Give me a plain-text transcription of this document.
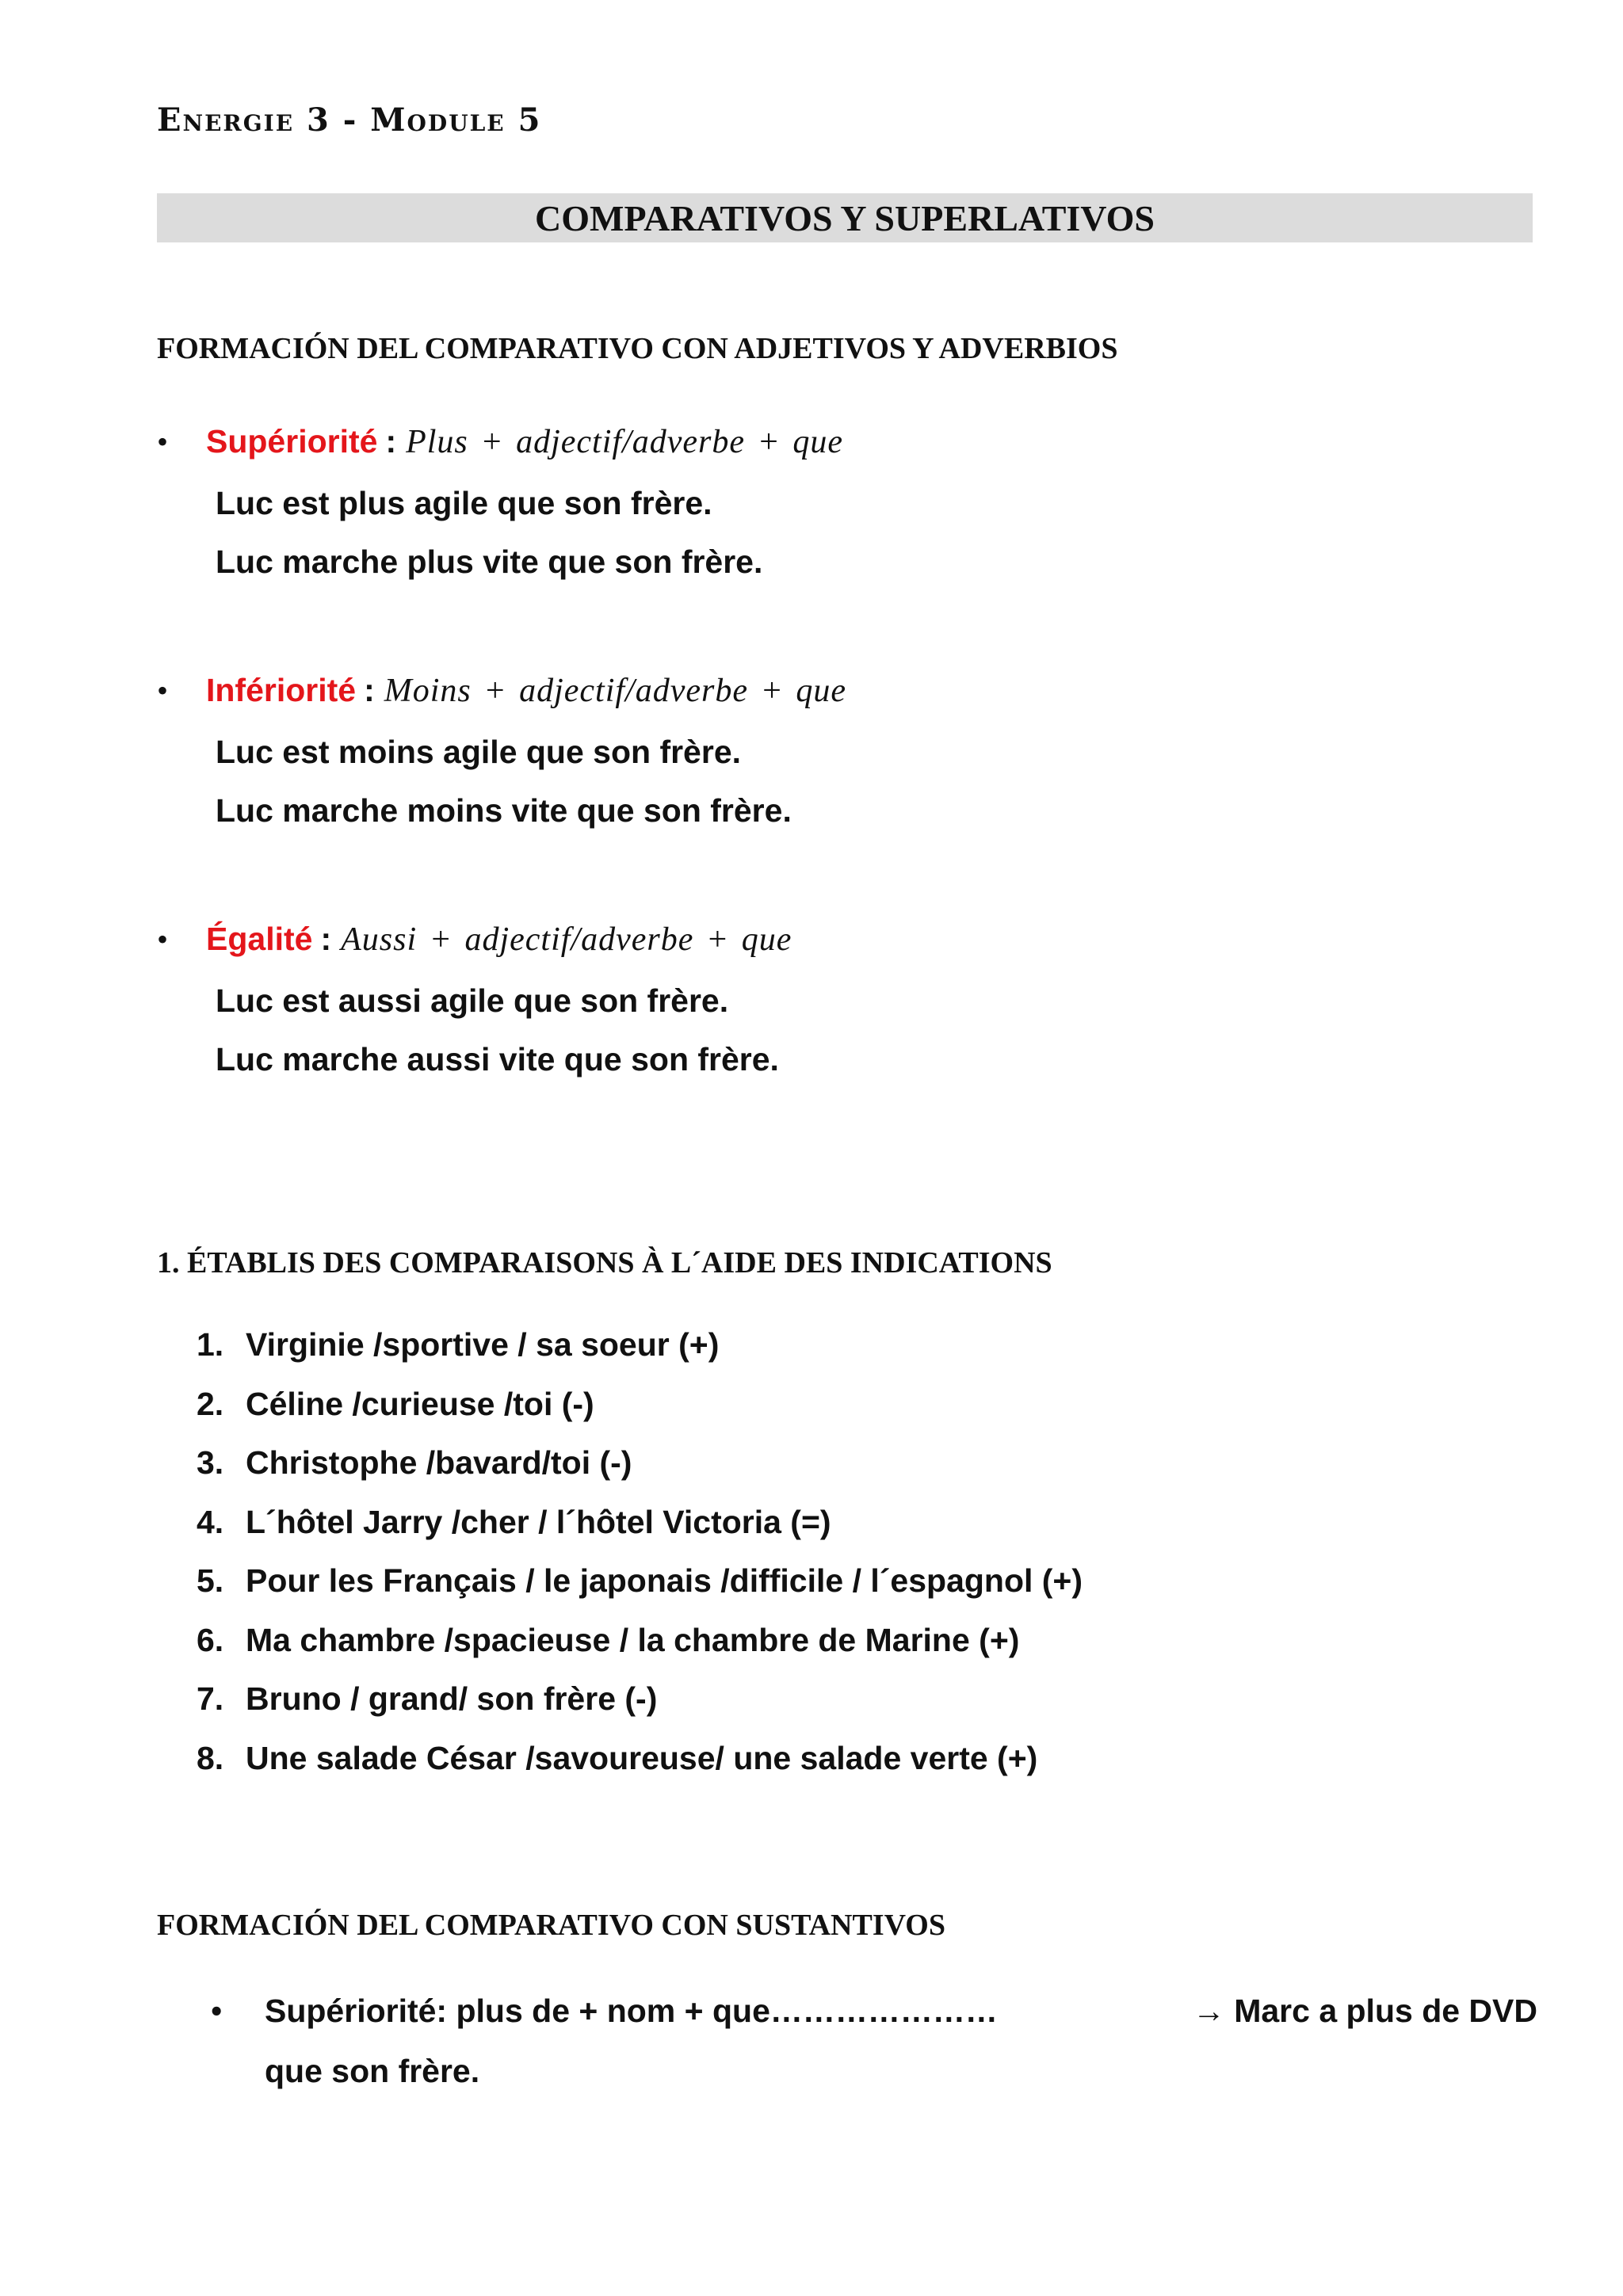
Energie 3 - Module 5
COMPARATIVOS Y SUPERLATIVOS
FORMACIÓN DEL COMPARATIVO CON ADJETIVOS Y ADVERBIOS
•	Supériorité : Plus + adjectif/adverbe + que
Luc est plus agile que son frère.
Luc marche plus vite que son frère.
•	Infériorité : Moins + adjectif/adverbe + que
Luc est moins agile que son frère.
Luc marche moins vite que son frère.
•	Égalité : Aussi + adjectif/adverbe + que
Luc est aussi agile que son frère.
Luc marche aussi vite que son frère.
1. ÉTABLIS DES COMPARAISONS À L´AIDE DES INDICATIONS
1. Virginie /sportive / sa soeur (+)
2. Céline /curieuse /toi (-)
3. Christophe /bavard/toi (-)
4. L´hôtel Jarry /cher / l´hôtel Victoria (=)
5. Pour les Français / le japonais /difficile / l´espagnol (+)
6. Ma chambre /spacieuse / la chambre de Marine (+)
7. Bruno / grand/ son frère (-)
8. Une salade César /savoureuse/ une salade verte (+)
FORMACIÓN DEL COMPARATIVO CON SUSTANTIVOS
• Supériorité: plus de + nom + que…………………	→ Marc a plus de DVD
que son frère.
